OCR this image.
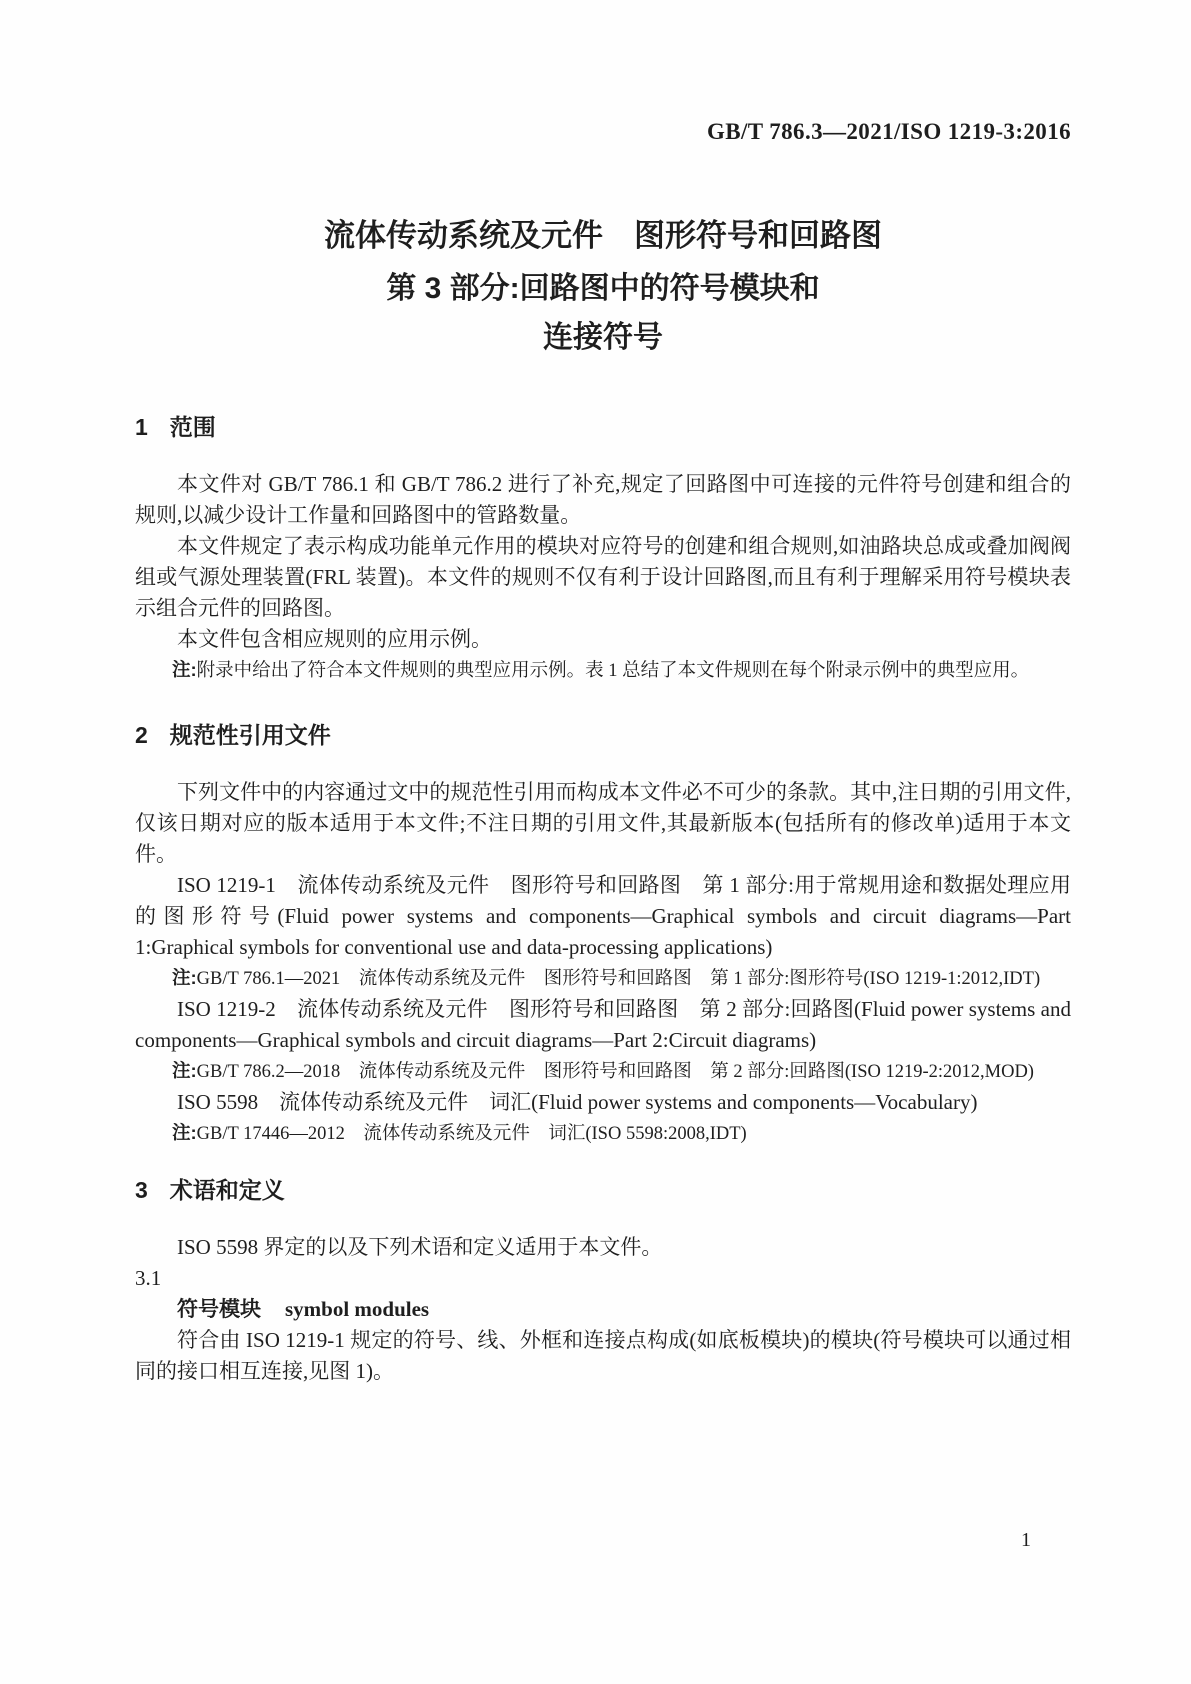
GB/T 786.3—2021/ISO 1219-3:2016
流体传动系统及元件　图形符号和回路图
第 3 部分:回路图中的符号模块和
连接符号
1 范围

本文件对 GB/T 786.1 和 GB/T 786.2 进行了补充,规定了回路图中可连接的元件符号创建和组合的规则,以减少设计工作量和回路图中的管路数量。

本文件规定了表示构成功能单元作用的模块对应符号的创建和组合规则,如油路块总成或叠加阀阀组或气源处理装置(FRL 装置)。本文件的规则不仅有利于设计回路图,而且有利于理解采用符号模块表示组合元件的回路图。

本文件包含相应规则的应用示例。

注:附录中给出了符合本文件规则的典型应用示例。表 1 总结了本文件规则在每个附录示例中的典型应用。

2 规范性引用文件

下列文件中的内容通过文中的规范性引用而构成本文件必不可少的条款。其中,注日期的引用文件,仅该日期对应的版本适用于本文件;不注日期的引用文件,其最新版本(包括所有的修改单)适用于本文件。

ISO 1219-1　流体传动系统及元件　图形符号和回路图　第 1 部分:用于常规用途和数据处理应用的图形符号(Fluid power systems and components—Graphical symbols and circuit diagrams—Part 1:Graphical symbols for conventional use and data-processing applications)

注:GB/T 786.1—2021　流体传动系统及元件　图形符号和回路图　第 1 部分:图形符号(ISO 1219-1:2012,IDT)

ISO 1219-2　流体传动系统及元件　图形符号和回路图　第 2 部分:回路图(Fluid power systems and components—Graphical symbols and circuit diagrams—Part 2:Circuit diagrams)

注:GB/T 786.2—2018　流体传动系统及元件　图形符号和回路图　第 2 部分:回路图(ISO 1219-2:2012,MOD)

ISO 5598　流体传动系统及元件　词汇(Fluid power systems and components—Vocabulary)

注:GB/T 17446—2012　流体传动系统及元件　词汇(ISO 5598:2008,IDT)

3 术语和定义

ISO 5598 界定的以及下列术语和定义适用于本文件。

3.1

符号模块 symbol modules

符合由 ISO 1219-1 规定的符号、线、外框和连接点构成(如底板模块)的模块(符号模块可以通过相同的接口相互连接,见图 1)。

1
